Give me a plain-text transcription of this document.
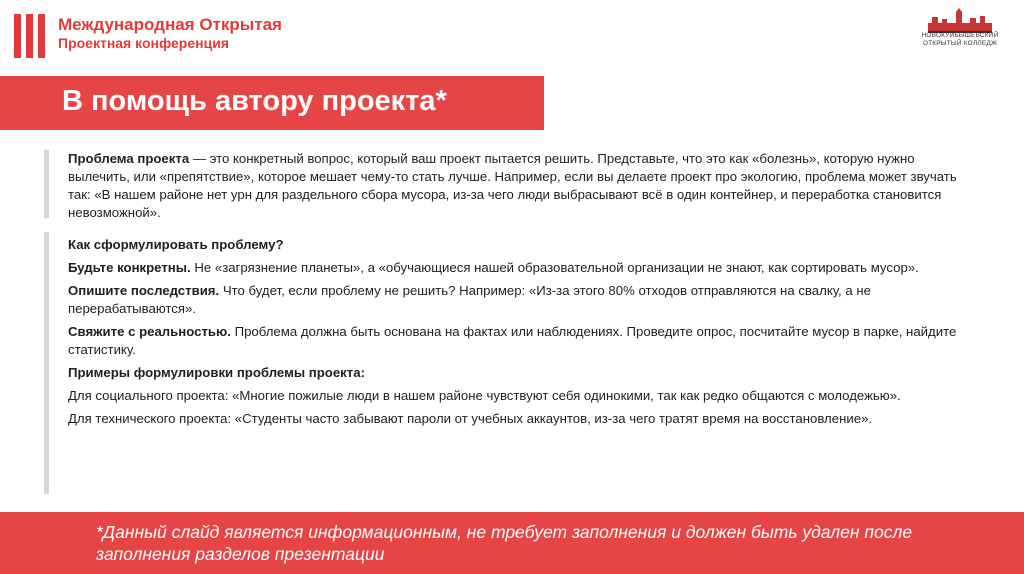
Международная Открытая
Проектная конференция	НОВОКУЙБЫШЕВСКИЙ
ОТКРЫТЫЙ КОЛЛЕДЖ
В помощь автору проекта*

Проблема проекта — это конкретный вопрос, который ваш проект пытается решить. Представьте, что это как «болезнь», которую нужно вылечить, или «препятствие», которое мешает чему-то стать лучше. Например, если вы делаете проект про экологию, проблема может звучать так: «В нашем районе нет урн для раздельного сбора мусора, из-за чего люди выбрасывают всё в один контейнер, и переработка становится невозможной».

Как сформулировать проблему?

Будьте конкретны. Не «загрязнение планеты», а «обучающиеся нашей образовательной организации не знают, как сортировать мусор».

Опишите последствия. Что будет, если проблему не решить? Например: «Из-за этого 80% отходов отправляются на свалку, а не перерабатываются».

Свяжите с реальностью. Проблема должна быть основана на фактах или наблюдениях. Проведите опрос, посчитайте мусор в парке, найдите статистику.

Примеры формулировки проблемы проекта:

Для социального проекта: «Многие пожилые люди в нашем районе чувствуют себя одинокими, так как редко общаются с молодежью».

Для технического проекта: «Студенты часто забывают пароли от учебных аккаунтов, из-за чего тратят время на восстановление».

*Данный слайд является информационным, не требует заполнения и должен быть удален после заполнения разделов презентации
